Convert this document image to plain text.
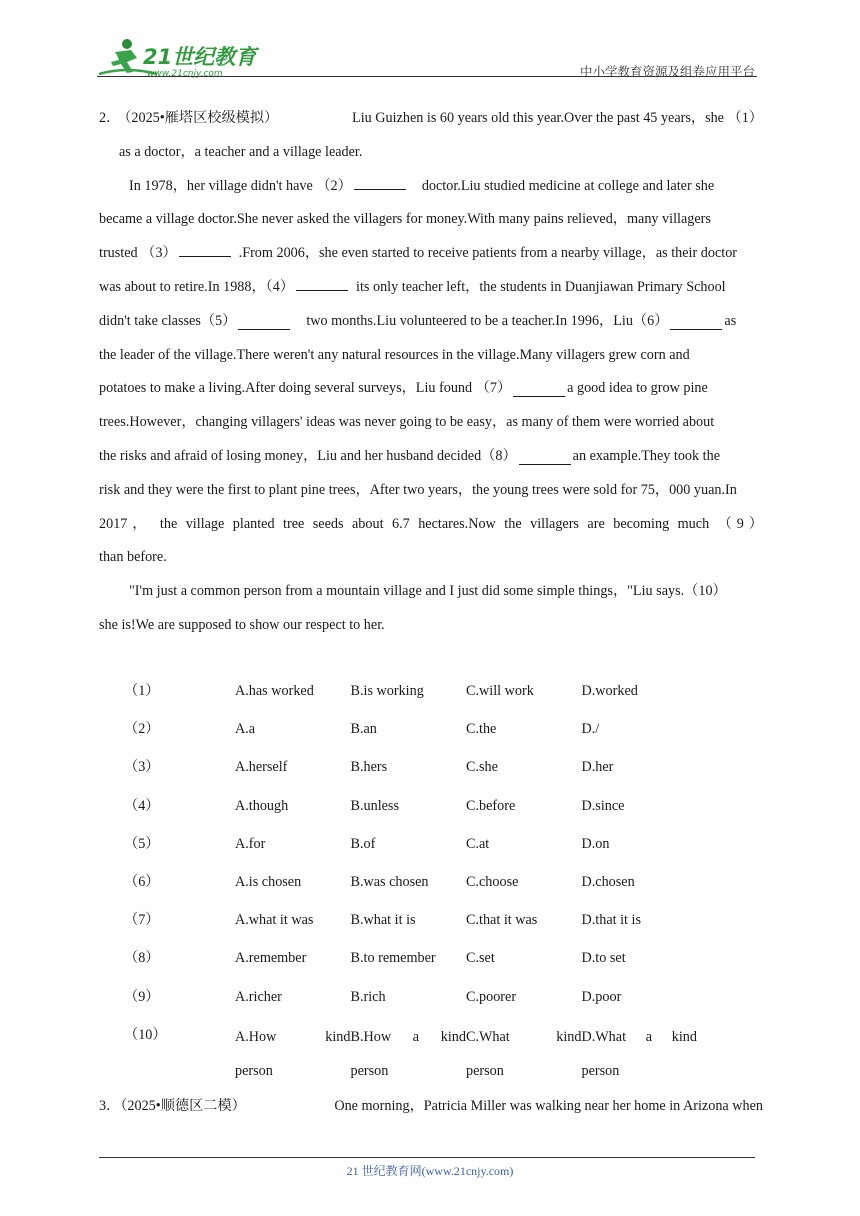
21世纪教育
www.21cnjy.com	中小学教育资源及组卷应用平台

2． （2025•雁塔区校级模拟）	Liu Guizhen is 60 years old this year.Over the past 45 years，she （1）

as a doctor，a teacher and a village leader.

In 1978，her village didn't have （2）	doctor.Liu studied medicine at college and later she

became a village doctor.She never asked the villagers for money.With many pains relieved，many villagers

trusted （3）	.From 2006，she even started to receive patients from a nearby village，as their doctor

was about to retire.In 1988，（4）	its only teacher left，the students in Duanjiawan Primary School

didn't take classes（5）	two months.Liu volunteered to be a teacher.In 1996，Liu（6）	as

the leader of the village.There weren't any natural resources in the village.Many villagers grew corn and

potatoes to make a living.After doing several surveys，Liu found （7）	a good idea to grow pine

trees.However，changing villagers' ideas was never going to be easy，as many of them were worried about

the risks and afraid of losing money，Liu and her husband decided（8）	an example.They took the

risk and they were the first to plant pine trees，After two years，the young trees were sold for 75，000 yuan.In

2017， the village planted tree seeds about 6.7 hectares.Now the villagers are becoming much （9）

than before.

"I'm just a common person from a mountain village and I just did some simple things，"Liu says.（10）

she is!We are supposed to show our respect to her.

（1）	A.has worked	B.is working	C.will work	D.worked
（2）	A.a	B.an	C.the	D./
（3）	A.herself	B.hers	C.she	D.her
（4）	A.though	B.unless	C.before	D.since
（5）	A.for	B.of	C.at	D.on
（6）	A.is chosen	B.was chosen	C.choose	D.chosen
（7）	A.what it was	B.what it is	C.that it was	D.that it is
（8）	A.remember	B.to remember	C.set	D.to set
（9）	A.richer	B.rich	C.poorer	D.poor
（10）	A.How kind
person
B.How a kind
person
C.What kind
person
D.What a kind
person
3．（2025•顺德区二模）	One morning，Patricia Miller was walking near her home in Arizona when
21 世纪教育网(www.21cnjy.com)
